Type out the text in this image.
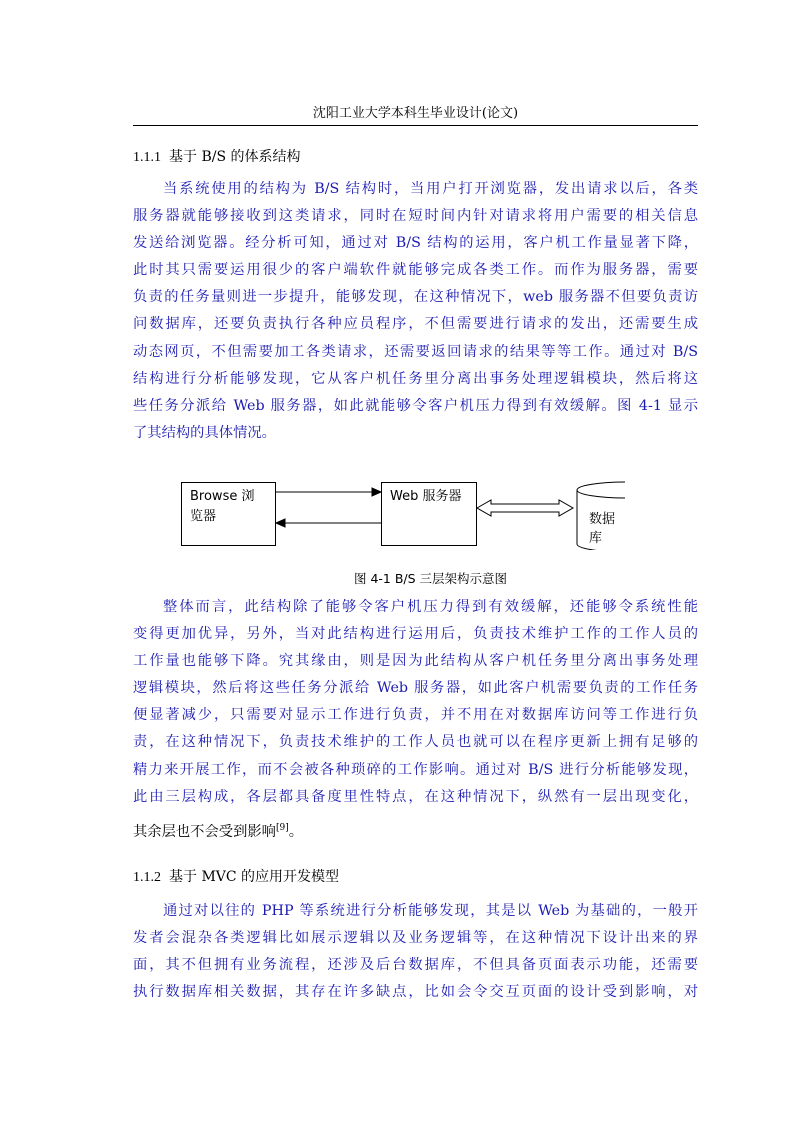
沈阳工业大学本科生毕业设计(论文)
1.1.1 基于 B/S 的体系结构
当系统使用的结构为 B/S 结构时，当用户打开浏览器，发出请求以后，各类
服务器就能够接收到这类请求，同时在短时间内针对请求将用户需要的相关信息
发送给浏览器。经分析可知，通过对 B/S 结构的运用，客户机工作量显著下降，
此时其只需要运用很少的客户端软件就能够完成各类工作。而作为服务器，需要
负责的任务量则进一步提升，能够发现，在这种情况下，web 服务器不但要负责访
问数据库，还要负责执行各种应员程序，不但需要进行请求的发出，还需要生成
动态网页，不但需要加工各类请求，还需要返回请求的结果等等工作。通过对 B/S
结构进行分析能够发现，它从客户机任务里分离出事务处理逻辑模块，然后将这
些任务分派给 Web 服务器，如此就能够令客户机压力得到有效缓解。图 4-1 显示
了其结构的具体情况。
Browse 浏览器
Web 服务器
数据库
图 4-1 B/S 三层架构示意图
整体而言，此结构除了能够令客户机压力得到有效缓解，还能够令系统性能
变得更加优异，另外，当对此结构进行运用后，负责技术维护工作的工作人员的
工作量也能够下降。究其缘由，则是因为此结构从客户机任务里分离出事务处理
逻辑模块，然后将这些任务分派给 Web 服务器，如此客户机需要负责的工作任务
便显著减少，只需要对显示工作进行负责，并不用在对数据库访问等工作进行负
责，在这种情况下，负责技术维护的工作人员也就可以在程序更新上拥有足够的
精力来开展工作，而不会被各种琐碎的工作影响。通过对 B/S 进行分析能够发现，
此由三层构成，各层都具备度里性特点，在这种情况下，纵然有一层出现变化，
其余层也不会受到影响[9]。
1.1.2 基于 MVC 的应用开发模型
通过对以往的 PHP 等系统进行分析能够发现，其是以 Web 为基础的，一般开
发者会混杂各类逻辑比如展示逻辑以及业务逻辑等，在这种情况下设计出来的界
面，其不但拥有业务流程，还涉及后台数据库，不但具备页面表示功能，还需要
执行数据库相关数据，其存在许多缺点，比如会令交互页面的设计受到影响，对
